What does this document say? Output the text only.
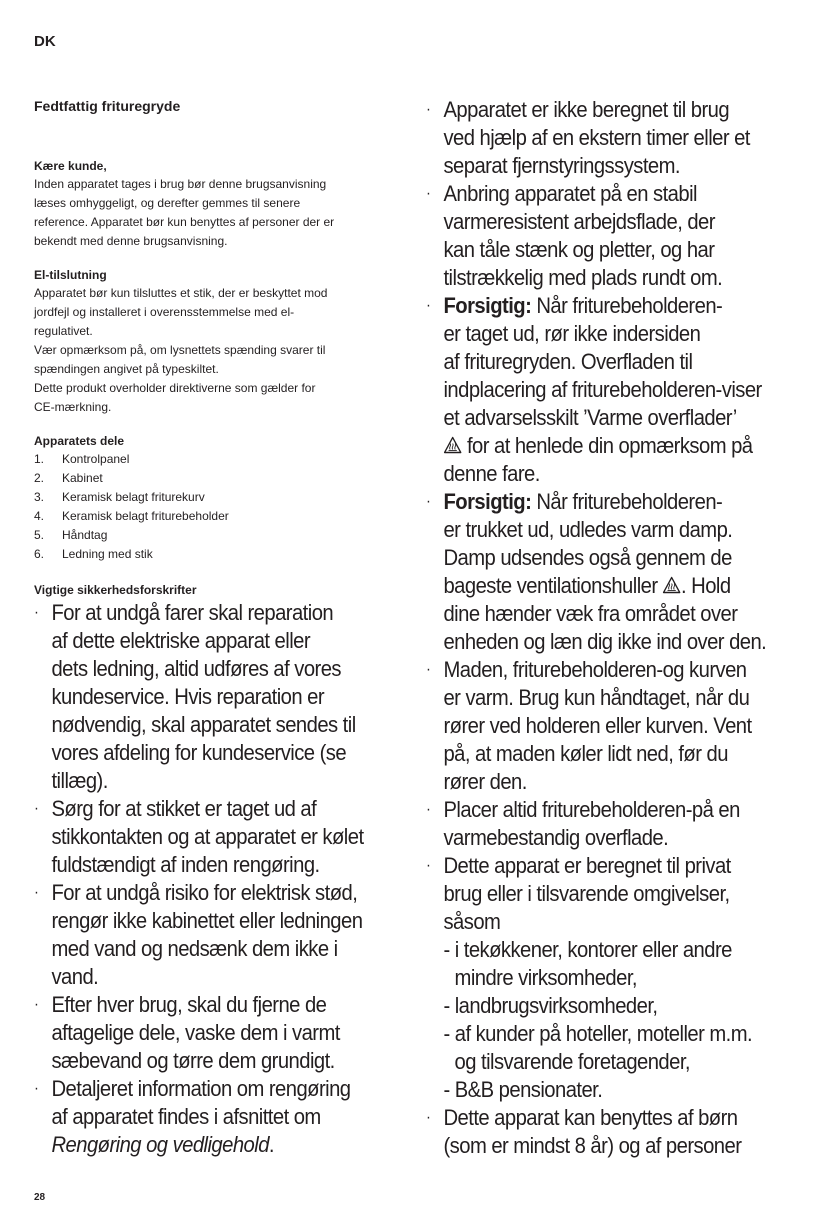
DK
Fedtfattig frituregryde
Kære kunde,
Inden apparatet tages i brug bør denne brugsanvisning
læses omhyggeligt, og derefter gemmes til senere
reference. Apparatet bør kun benyttes af personer der er
bekendt med denne brugsanvisning.
El-tilslutning
Apparatet bør kun tilsluttes et stik, der er beskyttet mod
jordfejl og installeret i overensstemmelse med el-
regulativet.
Vær opmærksom på, om lysnettets spænding svarer til
spændingen angivet på typeskiltet.
Dette produkt overholder direktiverne som gælder for
CE-mærkning.
Apparatets dele
1.	Kontrolpanel
2.	Kabinet
3.	Keramisk belagt friturekurv
4.	Keramisk belagt friturebeholder
5.	Håndtag
6.	Ledning med stik
Vigtige sikkerhedsforskrifter
· For at undgå farer skal reparation
af dette elektriske apparat eller
dets ledning, altid udføres af vores
kundeservice. Hvis reparation er
nødvendig, skal apparatet sendes til
vores afdeling for kundeservice (se
tillæg).
· Sørg for at stikket er taget ud af
stikkontakten og at apparatet er kølet
fuldstændigt af inden rengøring.
· For at undgå risiko for elektrisk stød,
rengør ikke kabinettet eller ledningen
med vand og nedsænk dem ikke i
vand.
· Efter hver brug, skal du fjerne de
aftagelige dele, vaske dem i varmt
sæbevand og tørre dem grundigt.
· Detaljeret information om rengøring
af apparatet findes i afsnittet om
Rengøring og vedligehold.
· Apparatet er ikke beregnet til brug
ved hjælp af en ekstern timer eller et
separat fjernstyringssystem.
· Anbring apparatet på en stabil
varmeresistent arbejdsflade, der
kan tåle stænk og pletter, og har
tilstrækkelig med plads rundt om.
· Forsigtig: Når friturebeholderen-
er taget ud, rør ikke indersiden
af frituregryden. Overfladen til
indplacering af friturebeholderen-viser
et advarselsskilt ’Varme overflader’
for at henlede din opmærksom på
denne fare.
· Forsigtig: Når friturebeholderen-
er trukket ud, udledes varm damp.
Damp udsendes også gennem de
bageste ventilationshuller
. Hold
dine hænder væk fra området over
enheden og læn dig ikke ind over den.
· Maden, friturebeholderen-og kurven
er varm. Brug kun håndtaget, når du
rører ved holderen eller kurven. Vent
på, at maden køler lidt ned, før du
rører den.
· Placer altid friturebeholderen-på en
varmebestandig overflade.
· Dette apparat er beregnet til privat
brug eller i tilsvarende omgivelser,
såsom
- i tekøkkener, kontorer eller andre
mindre virksomheder,
- landbrugsvirksomheder,
- af kunder på hoteller, moteller m.m.
og tilsvarende foretagender,
- B&B pensionater.
· Dette apparat kan benyttes af børn
(som er mindst 8 år) og af personer
28
